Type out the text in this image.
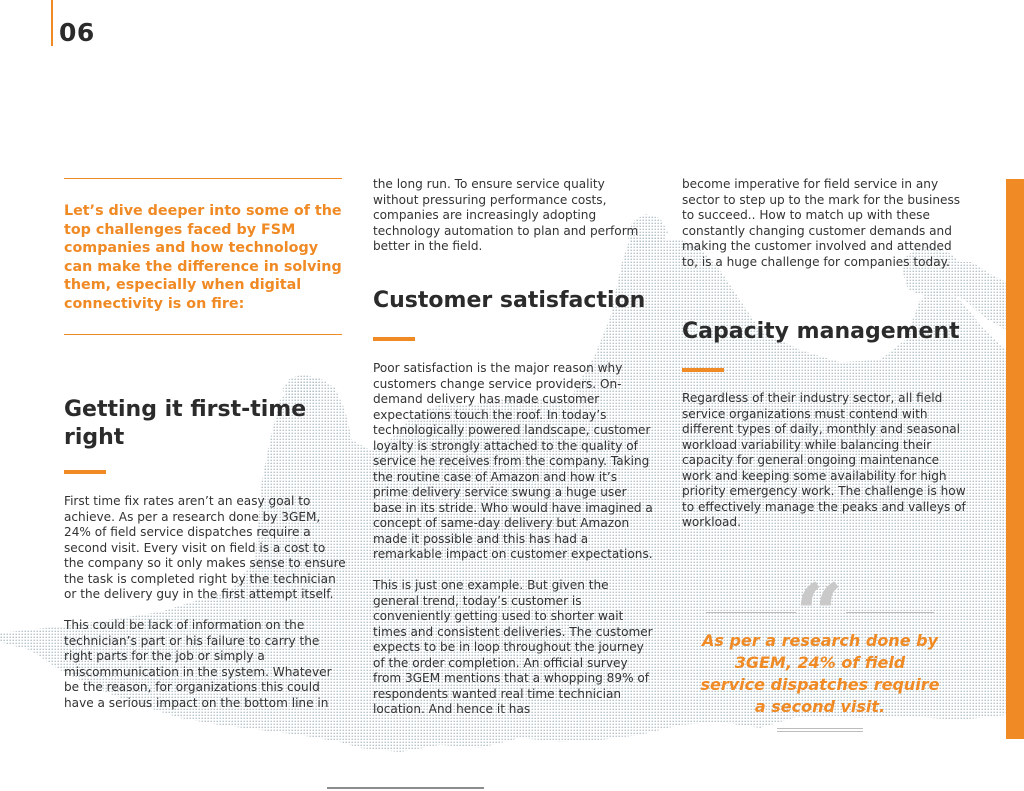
06
Let’s dive deeper into some of the top challenges faced by FSM companies and how technology can make the difference in solving them, especially when digital connectivity is on fire:
Getting it first-time right

First time fix rates aren’t an easy goal to achieve. As per a research done by 3GEM, 24% of field service dispatches require a second visit. Every visit on field is a cost to the company so it only makes sense to ensure the task is completed right by the technician or the delivery guy in the first attempt itself.

This could be lack of information on the technician’s part or his failure to carry the right parts for the job or simply a miscommunication in the system. Whatever be the reason, for organizations this could have a serious impact on the bottom line in

the long run. To ensure service quality without pressuring performance costs, companies are increasingly adopting technology automation to plan and perform better in the field.
Customer satisfaction

Poor satisfaction is the major reason why customers change service providers. On-demand delivery has made customer expectations touch the roof. In today’s technologically powered landscape, customer loyalty is strongly attached to the quality of service he receives from the company. Taking the routine case of Amazon and how it’s prime delivery service swung a huge user base in its stride. Who would have imagined a concept of same-day delivery but Amazon made it possible and this has had a remarkable impact on customer expectations.

This is just one example. But given the general trend, today’s customer is conveniently getting used to shorter wait times and consistent deliveries. The customer expects to be in loop throughout the journey of the order completion. An official survey from 3GEM mentions that a whopping 89% of respondents wanted real time technician location. And hence it has

become imperative for field service in any sector to step up to the mark for the business to succeed.. How to match up with these constantly changing customer demands and making the customer involved and attended to, is a huge challenge for companies today.
Capacity management

Regardless of their industry sector, all field service organizations must contend with different types of daily, monthly and seasonal workload variability while balancing their capacity for general ongoing maintenance work and keeping some availability for high priority emergency work. The challenge is how to effectively manage the peaks and valleys of workload.

“
As per a research done by 3GEM, 24% of field service dispatches require a second visit.
